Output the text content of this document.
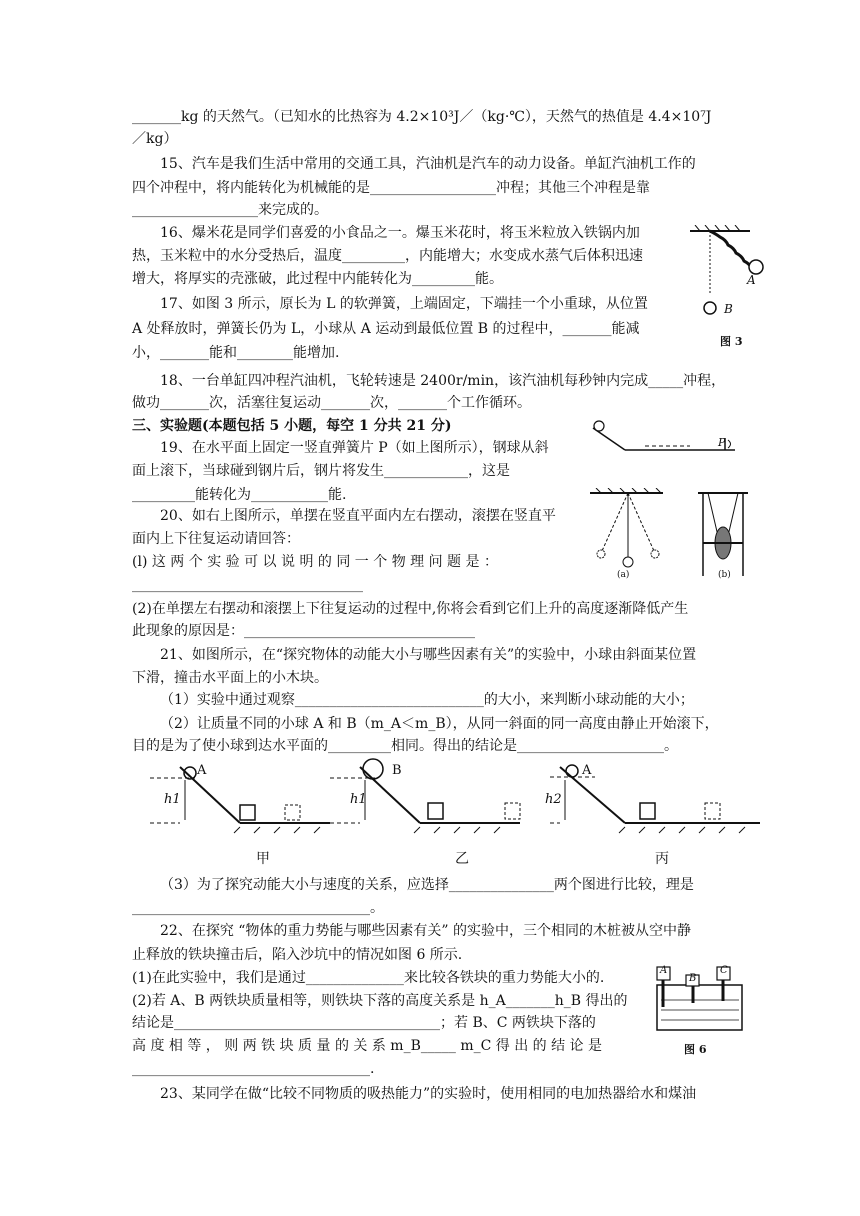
_______kg 的天然气。（已知水的比热容为 4.2×10³J／（kg·℃），天然气的热值是 4.4×10⁷J
／kg）
15、汽车是我们生活中常用的交通工具，汽油机是汽车的动力设备。单缸汽油机工作的
四个冲程中，将内能转化为机械能的是__________________冲程；其他三个冲程是靠
__________________来完成的。
16、爆米花是同学们喜爱的小食品之一。爆玉米花时，将玉米粒放入铁锅内加
热，玉米粒中的水分受热后，温度_________，内能增大；水变成水蒸气后体积迅速
增大，将厚实的壳涨破，此过程中内能转化为_________能。
17、如图 3 所示，原长为 L 的软弹簧，上端固定，下端挂一个小重球，从位置
A 处释放时，弹簧长仍为 L，小球从 A 运动到最低位置 B 的过程中，_______能减
小，_______能和________能增加.
18、一台单缸四冲程汽油机，飞轮转速是 2400r/min，该汽油机每秒钟内完成_____冲程，
做功_______次，活塞往复运动_______次，_______个工作循环。
三、实验题(本题包括 5 小题，每空 1 分共 21 分)
19、在水平面上固定一竖直弹簧片 P（如上图所示），钢球从斜
面上滚下，当球碰到钢片后，钢片将发生____________，这是
_________能转化为___________能.
20、如右上图所示，单摆在竖直平面内左右摆动，滚摆在竖直平
面内上下往复运动请回答：
(l) 这 两 个 实 验 可 以 说 明 的 同 一 个 物 理 问 题 是 ：
_________________________________
(2)在单摆左右摆动和滚摆上下往复运动的过程中,你将会看到它们上升的高度逐渐降低产生
此现象的原因是：_________________________________
21、如图所示，在“探究物体的动能大小与哪些因素有关”的实验中，小球由斜面某位置
下滑，撞击水平面上的小木块。
（1）实验中通过观察___________________________的大小，来判断小球动能的大小；
（2）让质量不同的小球 A 和 B（m_A＜m_B），从同一斜面的同一高度由静止开始滚下，
目的是为了使小球到达水平面的_________相同。得出的结论是_____________________。
A	B	A
h1	h1	h2
甲	乙	丙
（3）为了探究动能大小与速度的关系，应选择_______________两个图进行比较，理是
__________________________________。
22、在探究 “物体的重力势能与哪些因素有关” 的实验中，三个相同的木桩被从空中静
止释放的铁块撞击后，陷入沙坑中的情况如图 6 所示.
(1)在此实验中，我们是通过______________来比较各铁块的重力势能大小的.
(2)若 A、B 两铁块质量相等，则铁块下落的高度关系是 h_A_______h_B 得出的
结论是______________________________________；若 B、C 两铁块下落的
高 度 相 等 ， 则 两 铁 块 质 量 的 关 系 m_B_____ m_C 得 出 的 结 论 是
__________________________________.
23、某同学在做“比较不同物质的吸热能力”的实验时，使用相同的电加热器给水和煤油
A
B
图 3
P
(a)	(b)
A
B
C
图 6
